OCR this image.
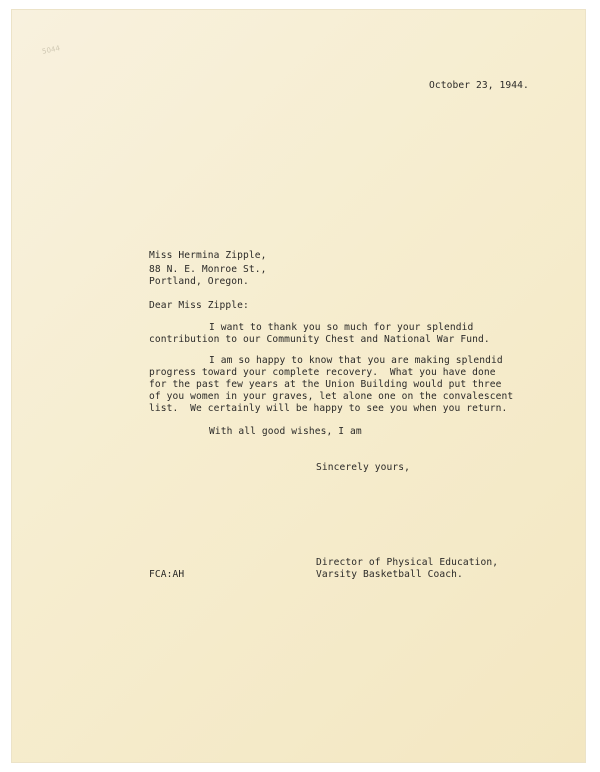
5044
October 23, 1944.
Miss Hermina Zipple,
88 N. E. Monroe St.,
Portland, Oregon.
Dear Miss Zipple:
I want to thank you so much for your splendid
contribution to our Community Chest and National War Fund.
I am so happy to know that you are making splendid
progress toward your complete recovery.  What you have done
for the past few years at the Union Building would put three
of you women in your graves, let alone one on the convalescent
list.  We certainly will be happy to see you when you return.
With all good wishes, I am
Sincerely yours,
Director of Physical Education,
Varsity Basketball Coach.
FCA:AH
